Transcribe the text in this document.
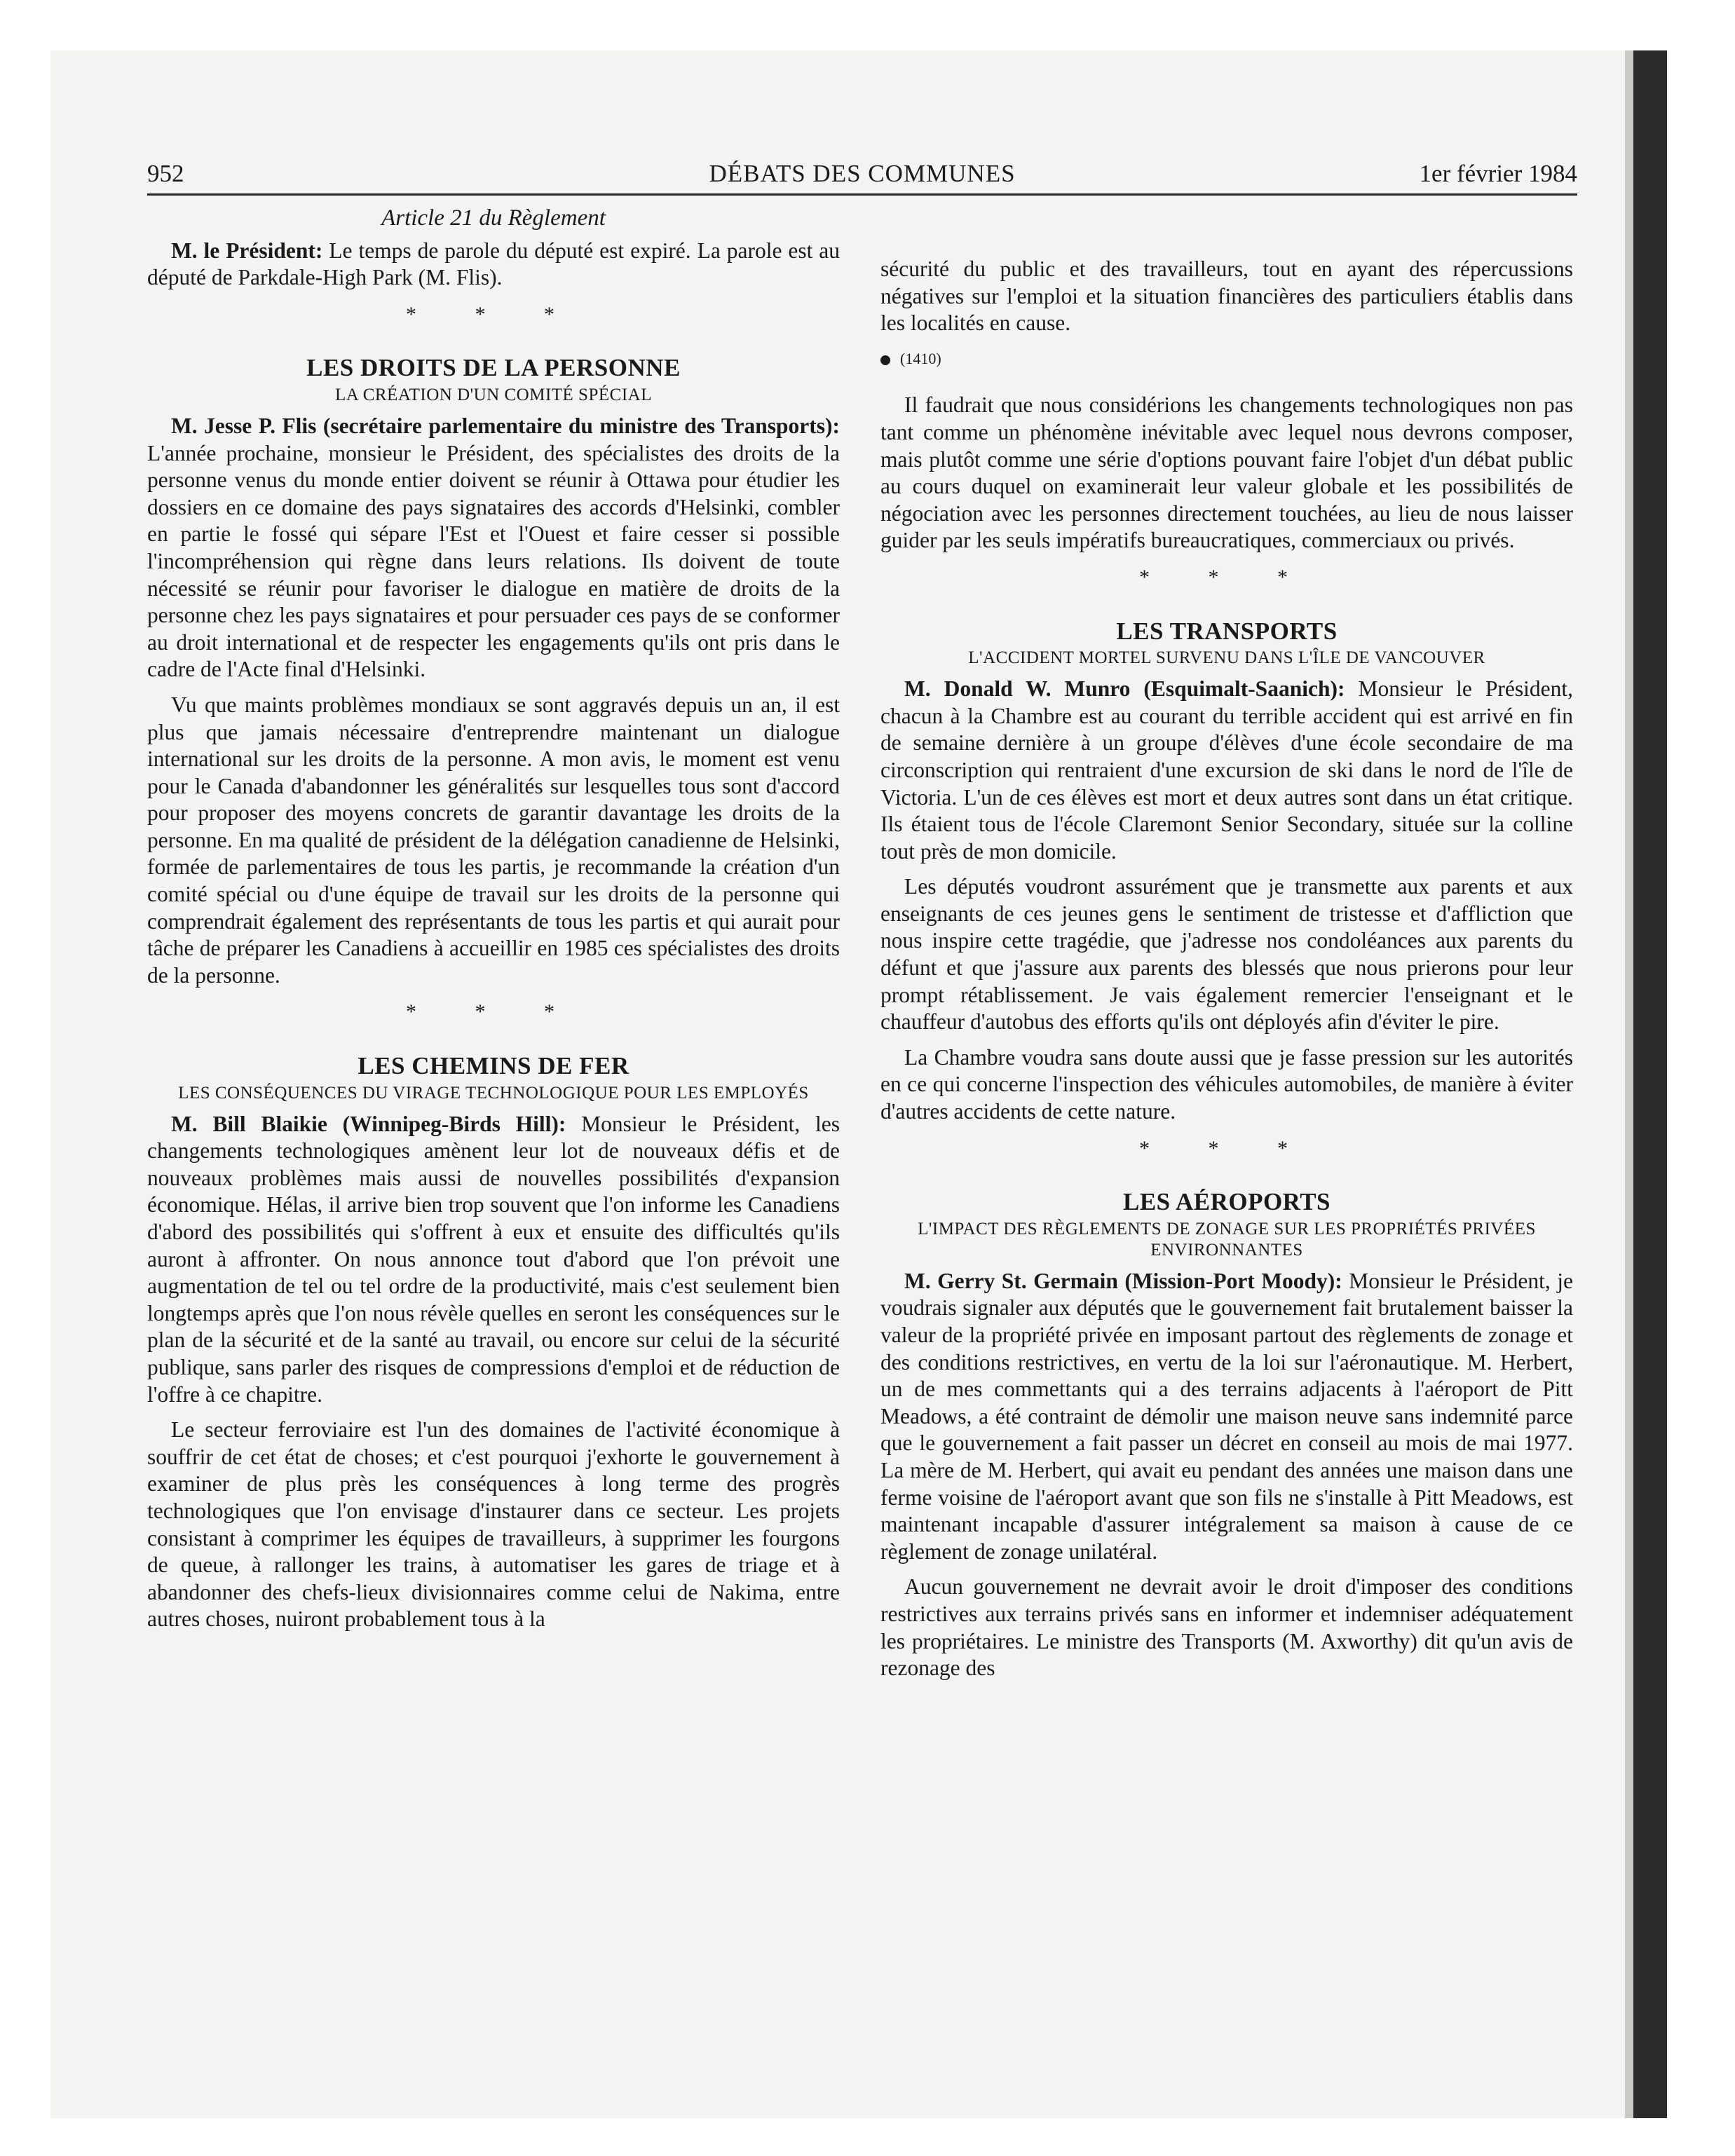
952	DÉBATS DES COMMUNES	1er février 1984
Article 21 du Règlement

M. le Président: Le temps de parole du député est expiré. La parole est au député de Parkdale-High Park (M. Flis).

* * *
LES DROITS DE LA PERSONNE
LA CRÉATION D'UN COMITÉ SPÉCIAL

M. Jesse P. Flis (secrétaire parlementaire du ministre des Transports): L'année prochaine, monsieur le Président, des spécialistes des droits de la personne venus du monde entier doivent se réunir à Ottawa pour étudier les dossiers en ce domaine des pays signataires des accords d'Helsinki, combler en partie le fossé qui sépare l'Est et l'Ouest et faire cesser si possible l'incompréhension qui règne dans leurs relations. Ils doivent de toute nécessité se réunir pour favoriser le dialogue en matière de droits de la personne chez les pays signataires et pour persuader ces pays de se conformer au droit international et de respecter les engagements qu'ils ont pris dans le cadre de l'Acte final d'Helsinki.

Vu que maints problèmes mondiaux se sont aggravés depuis un an, il est plus que jamais nécessaire d'entreprendre maintenant un dialogue international sur les droits de la personne. A mon avis, le moment est venu pour le Canada d'abandonner les généralités sur lesquelles tous sont d'accord pour proposer des moyens concrets de garantir davantage les droits de la personne. En ma qualité de président de la délégation canadienne de Helsinki, formée de parlementaires de tous les partis, je recommande la création d'un comité spécial ou d'une équipe de travail sur les droits de la personne qui comprendrait également des représentants de tous les partis et qui aurait pour tâche de préparer les Canadiens à accueillir en 1985 ces spécialistes des droits de la personne.

* * *
LES CHEMINS DE FER
LES CONSÉQUENCES DU VIRAGE TECHNOLOGIQUE POUR LES EMPLOYÉS

M. Bill Blaikie (Winnipeg-Birds Hill): Monsieur le Président, les changements technologiques amènent leur lot de nouveaux défis et de nouveaux problèmes mais aussi de nouvelles possibilités d'expansion économique. Hélas, il arrive bien trop souvent que l'on informe les Canadiens d'abord des possibilités qui s'offrent à eux et ensuite des difficultés qu'ils auront à affronter. On nous annonce tout d'abord que l'on prévoit une augmentation de tel ou tel ordre de la productivité, mais c'est seulement bien longtemps après que l'on nous révèle quelles en seront les conséquences sur le plan de la sécurité et de la santé au travail, ou encore sur celui de la sécurité publique, sans parler des risques de compressions d'emploi et de réduction de l'offre à ce chapitre.

Le secteur ferroviaire est l'un des domaines de l'activité économique à souffrir de cet état de choses; et c'est pourquoi j'exhorte le gouvernement à examiner de plus près les conséquences à long terme des progrès technologiques que l'on envisage d'instaurer dans ce secteur. Les projets consistant à comprimer les équipes de travailleurs, à supprimer les fourgons de queue, à rallonger les trains, à automatiser les gares de triage et à abandonner des chefs-lieux divisionnaires comme celui de Nakima, entre autres choses, nuiront probablement tous à la

sécurité du public et des travailleurs, tout en ayant des répercussions négatives sur l'emploi et la situation financières des particuliers établis dans les localités en cause.

(1410)

Il faudrait que nous considérions les changements technologiques non pas tant comme un phénomène inévitable avec lequel nous devrons composer, mais plutôt comme une série d'options pouvant faire l'objet d'un débat public au cours duquel on examinerait leur valeur globale et les possibilités de négociation avec les personnes directement touchées, au lieu de nous laisser guider par les seuls impératifs bureaucratiques, commerciaux ou privés.

* * *
LES TRANSPORTS
L'ACCIDENT MORTEL SURVENU DANS L'ÎLE DE VANCOUVER

M. Donald W. Munro (Esquimalt-Saanich): Monsieur le Président, chacun à la Chambre est au courant du terrible accident qui est arrivé en fin de semaine dernière à un groupe d'élèves d'une école secondaire de ma circonscription qui rentraient d'une excursion de ski dans le nord de l'île de Victoria. L'un de ces élèves est mort et deux autres sont dans un état critique. Ils étaient tous de l'école Claremont Senior Secondary, située sur la colline tout près de mon domicile.

Les députés voudront assurément que je transmette aux parents et aux enseignants de ces jeunes gens le sentiment de tristesse et d'affliction que nous inspire cette tragédie, que j'adresse nos condoléances aux parents du défunt et que j'assure aux parents des blessés que nous prierons pour leur prompt rétablissement. Je vais également remercier l'enseignant et le chauffeur d'autobus des efforts qu'ils ont déployés afin d'éviter le pire.

La Chambre voudra sans doute aussi que je fasse pression sur les autorités en ce qui concerne l'inspection des véhicules automobiles, de manière à éviter d'autres accidents de cette nature.

* * *
LES AÉROPORTS
L'IMPACT DES RÈGLEMENTS DE ZONAGE SUR LES PROPRIÉTÉS PRIVÉES ENVIRONNANTES

M. Gerry St. Germain (Mission-Port Moody): Monsieur le Président, je voudrais signaler aux députés que le gouvernement fait brutalement baisser la valeur de la propriété privée en imposant partout des règlements de zonage et des conditions restrictives, en vertu de la loi sur l'aéronautique. M. Herbert, un de mes commettants qui a des terrains adjacents à l'aéroport de Pitt Meadows, a été contraint de démolir une maison neuve sans indemnité parce que le gouvernement a fait passer un décret en conseil au mois de mai 1977. La mère de M. Herbert, qui avait eu pendant des années une maison dans une ferme voisine de l'aéroport avant que son fils ne s'installe à Pitt Meadows, est maintenant incapable d'assurer intégralement sa maison à cause de ce règlement de zonage unilatéral.

Aucun gouvernement ne devrait avoir le droit d'imposer des conditions restrictives aux terrains privés sans en informer et indemniser adéquatement les propriétaires. Le ministre des Transports (M. Axworthy) dit qu'un avis de rezonage des
